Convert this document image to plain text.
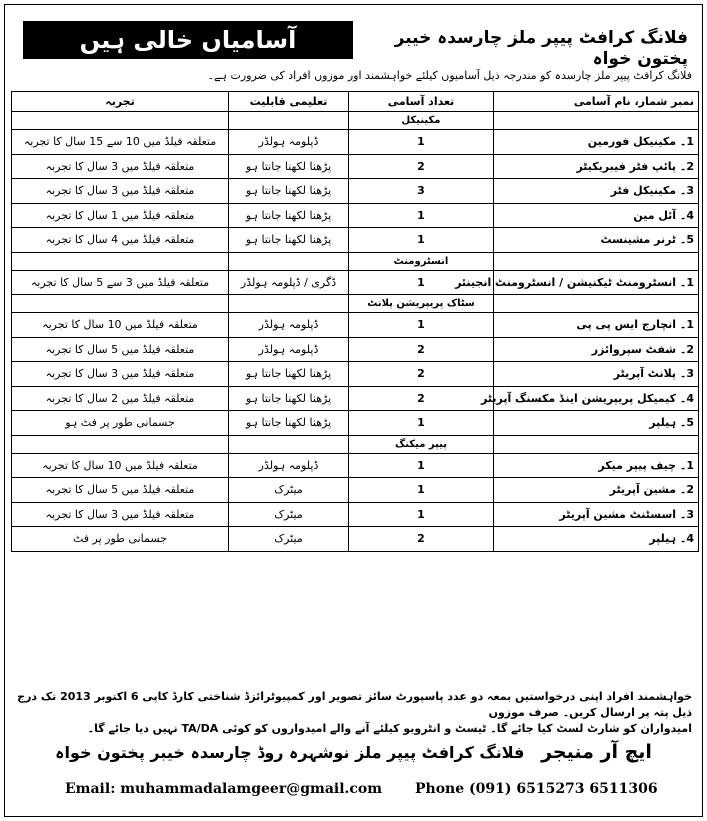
آسامیاں خالی ہیں	فلانگ کرافٹ پیپر ملز چارسدہ خیبر پختون خواہ
فلانگ کرافٹ پیپر ملز چارسدہ کو مندرجہ ذیل آسامیوں کیلئے خواہشمند اور موزوں افراد کی ضرورت ہے۔
نمبر شمار، نام آسامی	تعداد آسامی	تعلیمی قابلیت	تجربہ
	مکینیکل		
1۔ مکینیکل فورمین	1	ڈپلومہ ہولڈر	متعلقہ فیلڈ میں 10 سے 15 سال کا تجربہ
2۔ پائپ فٹر فیبریکیٹر	2	پڑھنا لکھنا جانتا ہو	متعلقہ فیلڈ میں 3 سال کا تجربہ
3۔ مکینیکل فٹر	3	پڑھنا لکھنا جانتا ہو	متعلقہ فیلڈ میں 3 سال کا تجربہ
4۔ آئل مین	1	پڑھنا لکھنا جانتا ہو	متعلقہ فیلڈ میں 1 سال کا تجربہ
5۔ ٹرنر مشینسٹ	1	پڑھنا لکھنا جانتا ہو	متعلقہ فیلڈ میں 4 سال کا تجربہ
	انسٹرومنٹ		
1۔ انسٹرومنٹ ٹیکنیشن / انسٹرومنٹ انجینئر	1	ڈگری / ڈپلومہ ہولڈر	متعلقہ فیلڈ میں 3 سے 5 سال کا تجربہ
	سٹاک پریپریشن پلانٹ		
1۔ انچارج ایس پی پی	1	ڈپلومہ ہولڈر	متعلقہ فیلڈ میں 10 سال کا تجربہ
2۔ شفٹ سپروائزر	2	ڈپلومہ ہولڈر	متعلقہ فیلڈ میں 5 سال کا تجربہ
3۔ پلانٹ آپریٹر	2	پڑھنا لکھنا جانتا ہو	متعلقہ فیلڈ میں 3 سال کا تجربہ
4۔ کیمیکل پریپریشن اینڈ مکسنگ آپریٹر	2	پڑھنا لکھنا جانتا ہو	متعلقہ فیلڈ میں 2 سال کا تجربہ
5۔ ہیلپر	1	پڑھنا لکھنا جانتا ہو	جسمانی طور پر فٹ ہو
	پیپر میکنگ		
1۔ چیف پیپر میکر	1	ڈپلومہ ہولڈر	متعلقہ فیلڈ میں 10 سال کا تجربہ
2۔ مشین آپریٹر	1	میٹرک	متعلقہ فیلڈ میں 5 سال کا تجربہ
3۔ اسسٹنٹ مشین آپریٹر	1	میٹرک	متعلقہ فیلڈ میں 3 سال کا تجربہ
4۔ ہیلپر	2	میٹرک	جسمانی طور پر فٹ
خواہشمند افراد اپنی درخواستیں بمعہ دو عدد پاسپورٹ سائز تصویر اور کمپیوٹرائزڈ شناختی کارڈ کاپی 6 اکتوبر 2013 تک درج ذیل پتہ پر ارسال کریں۔ صرف موزوں
امیدواران کو شارٹ لسٹ کیا جائے گا۔ ٹیسٹ و انٹرویو کیلئے آنے والے امیدواروں کو کوئی TA/DA نہیں دیا جائے گا۔
ایچ آر منیجر   فلانگ کرافٹ پیپر ملز نوشہرہ روڈ چارسدہ خیبر پختون خواہ
Email: muhammadalamgeer@gmail.com Phone (091) 6515273 6511306
